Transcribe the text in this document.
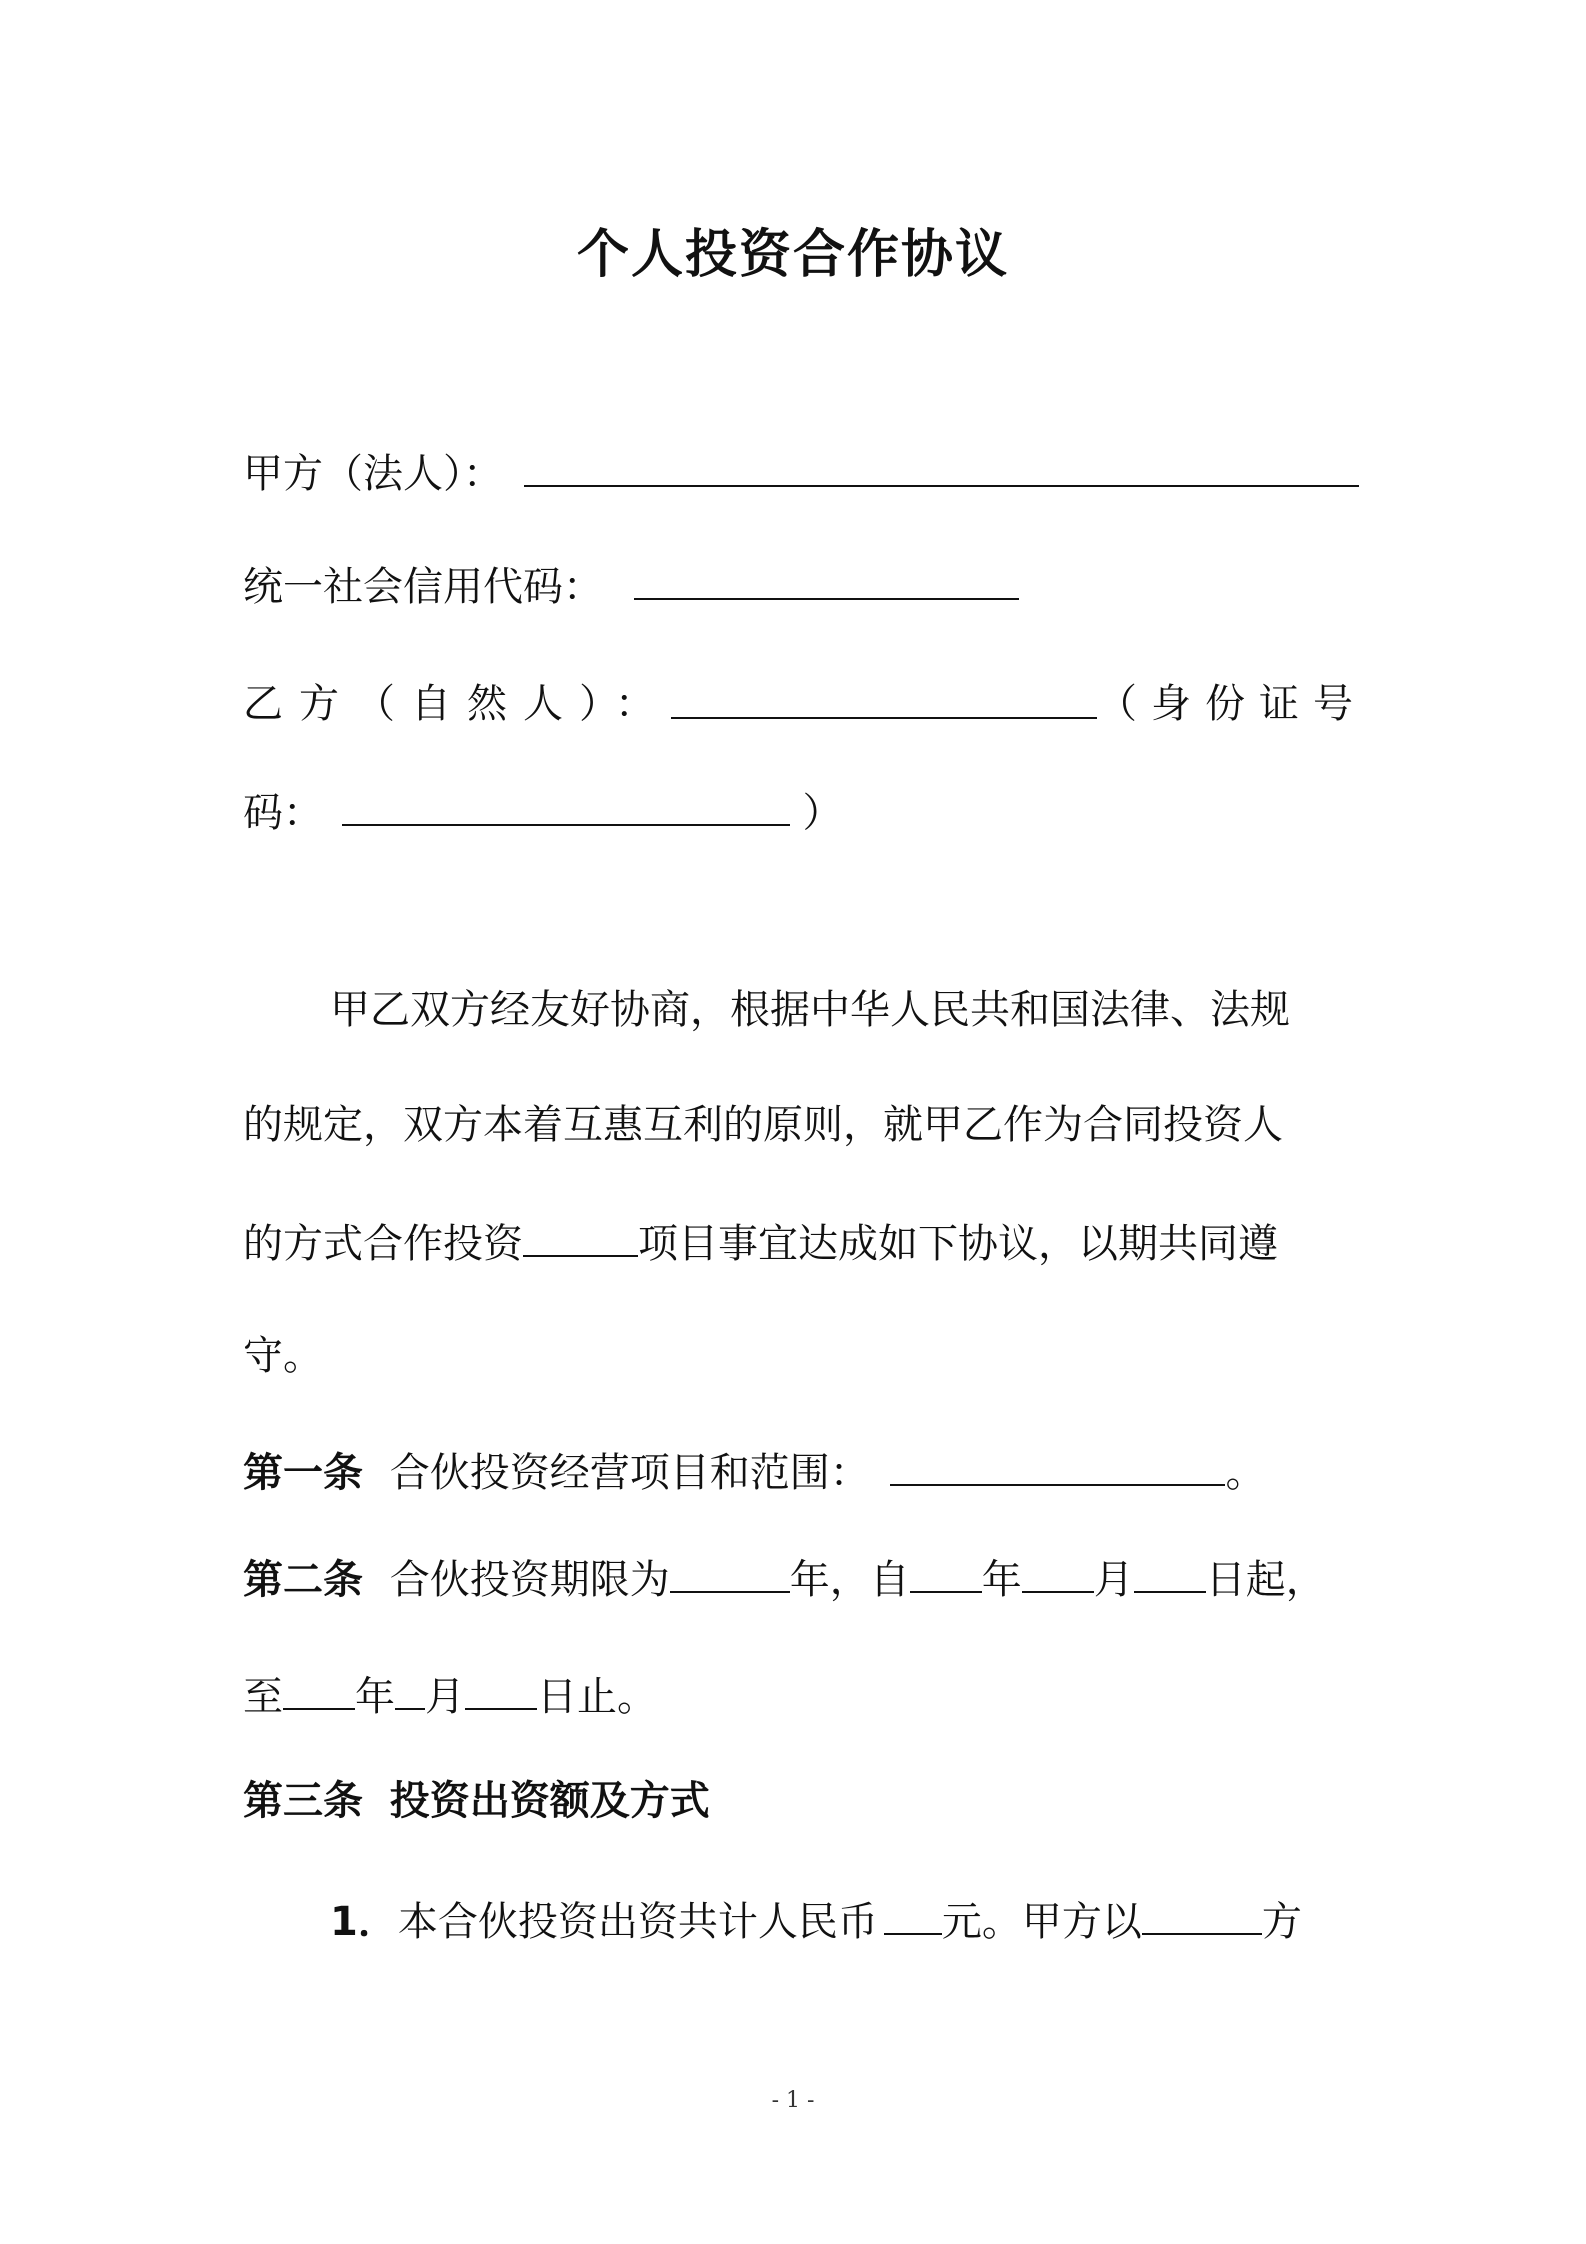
个人投资合作协议
甲方（法人）：
统一社会信用代码：
乙方（自然人）：	（身份证号
码：	）
甲乙双方经友好协商，根据中华人民共和国法律、法规
的规定，双方本着互惠互利的原则，就甲乙作为合同投资人
的方式合作投资	项目事宜达成如下协议，以期共同遵
守。
第一条 合伙投资经营项目和范围：	。
第二条 合伙投资期限为	年，自 年 月 日起，
至 年 月 日止。
第三条 投资出资额及方式
1．本合伙投资出资共计人民币 元。甲方以	方
- 1 -
